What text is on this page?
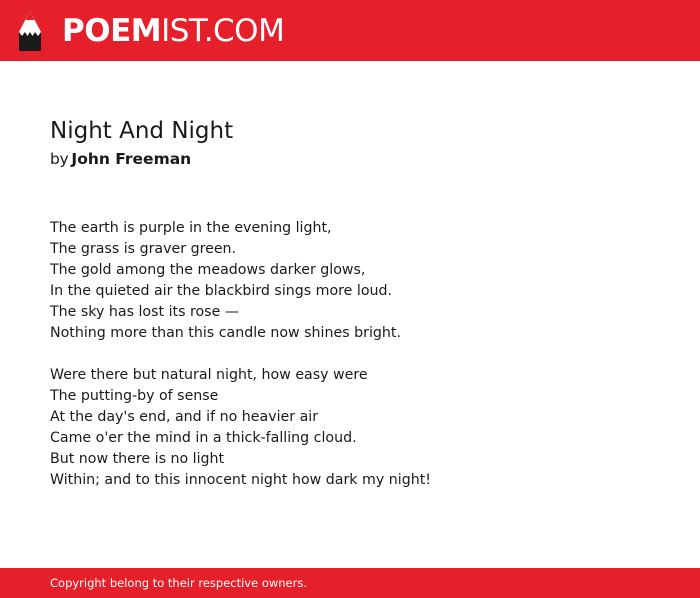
POEMIST.COM
Night And Night
by John Freeman
The earth is purple in the evening light,
The grass is graver green.
The gold among the meadows darker glows,
In the quieted air the blackbird sings more loud.
The sky has lost its rose —
Nothing more than this candle now shines bright.
Were there but natural night, how easy were
The putting-by of sense
At the day's end, and if no heavier air
Came o'er the mind in a thick-falling cloud.
But now there is no light
Within; and to this innocent night how dark my night!
Copyright belong to their respective owners.
